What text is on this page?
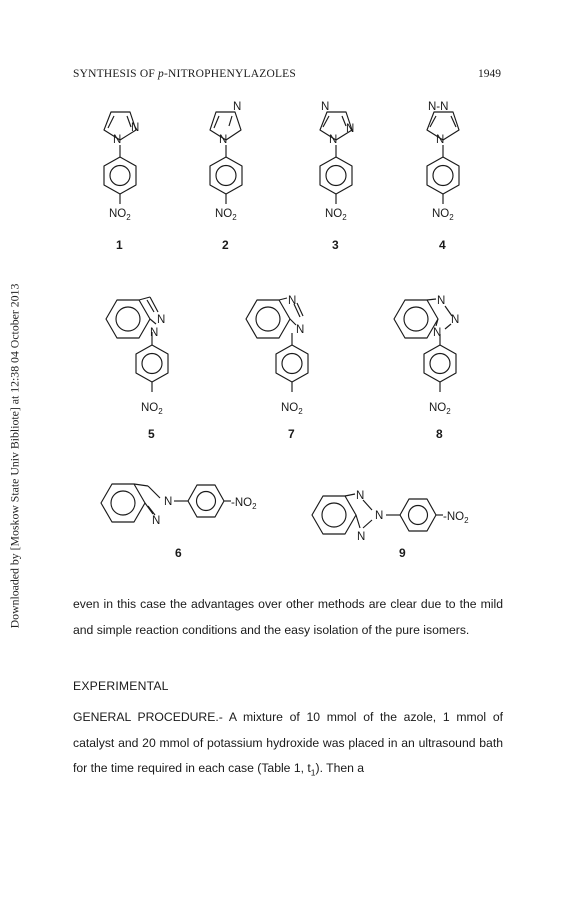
SYNTHESIS OF p-NITROPHENYLAZOLES	1949
Downloaded by [Moskow State Univ Bibliote] at 12:38 04 October 2013
N
N
$NO_2$
N
N
$NO_2$
N
N
N
$NO_2$
N-N
N
$NO_2$
N
N
$NO_2$
N
N
$NO_2$
N
N
N
$NO_2$
N
N
$-NO_2$
N
N
N
$-NO_2$
1	2	3	4
5	7	8
6	9

even in this case the advantages over other methods are clear due to the mild and simple reaction conditions and the easy isolation of the pure isomers.

EXPERIMENTAL

GENERAL PROCEDURE.- A mixture of 10 mmol of the azole, 1 mmol of catalyst and 20 mmol of potassium hydroxide was placed in an ultrasound bath for the time required in each case (Table 1, $t_1$). Then a
